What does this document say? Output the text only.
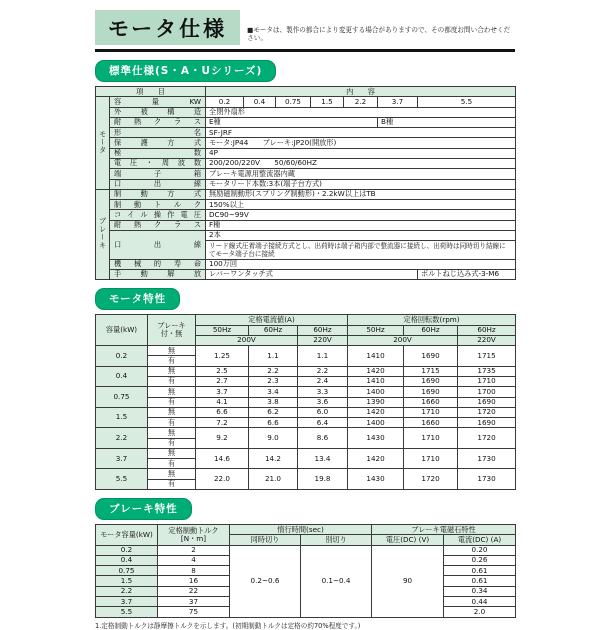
モータ仕様	■モータは、製作の都合により変更する場合がありますので、その都度お問い合わせください。
標準仕様(S・A・Uシリーズ)
項　　目		内　　容						
モータ	容量KW	0.2	0.4	0.75	1.5	2.2	3.7	5.5
	外被構造	全閉外扇形						
	耐熱クラス	E種					B種	
	形名	SF-JRF						
	保護方式	モータ:JP44　　ブレーキ:JP20(開放形)						
	極数	4P						
	電圧・周波数	200/200/220V　　50/60/60HZ						
	端子箱	ブレーキ電源用整流器内蔵						
	口出線	モータリード本数:3本(端子台方式)						
ブレーキ	制動方式	無励磁制動形(スプリング制動形)・2.2kW以上はTB						
	制動トルク	150%以上						
	コイル操作電圧	DC90~99V						
	耐熱クラス	F種						
	口出線	2本						
		リード線式圧着端子接続方式とし、出荷時は端子箱内部で整流器に接続し、出荷時は同時切り結線にてモータ端子台に接続						
	機械的寿命	100万回						
	手動解放	レバーワンタッチ式						ボルトねじ込み式-3-M6
モータ特性
容量(kW)	ブレーキ
付・無	定格電流値(A)			定格回転数(rpm)		
		50Hz	60Hz	60Hz	50Hz	60Hz	60Hz
		200V		220V	200V		220V
0.2	無	1.25	1.1	1.1	1410	1690	1715
	有						
0.4	無	2.5	2.2	2.2	1420	1715	1735
	有	2.7	2.3	2.4	1410	1690	1710
0.75	無	3.7	3.4	3.3	1400	1690	1700
	有	4.1	3.8	3.6	1390	1660	1690
1.5	無	6.6	6.2	6.0	1420	1710	1720
	有	7.2	6.6	6.4	1400	1660	1690
2.2	無	9.2	9.0	8.6	1430	1710	1720
	有						
3.7	無	14.6	14.2	13.4	1420	1710	1730
	有						
5.5	無	22.0	21.0	19.8	1430	1720	1730
	有						
ブレーキ特性
モータ容量(kW)	定格制動トルク
[N・m]	惰行時間(sec)		ブレーキ電磁石特性	
		同時切り	別切り	電圧(DC) (V)	電流(DC) (A)
0.2	2	0.2~0.6	0.1~0.4	90	0.20
0.4	4				0.26
0.75	8				0.61
1.5	16				0.61
2.2	22				0.34
3.7	37				0.44
5.5	75				2.0
1.定格制動トルクは静摩擦トルクを示します。(初期制動トルクは定格の約70%程度です。)
